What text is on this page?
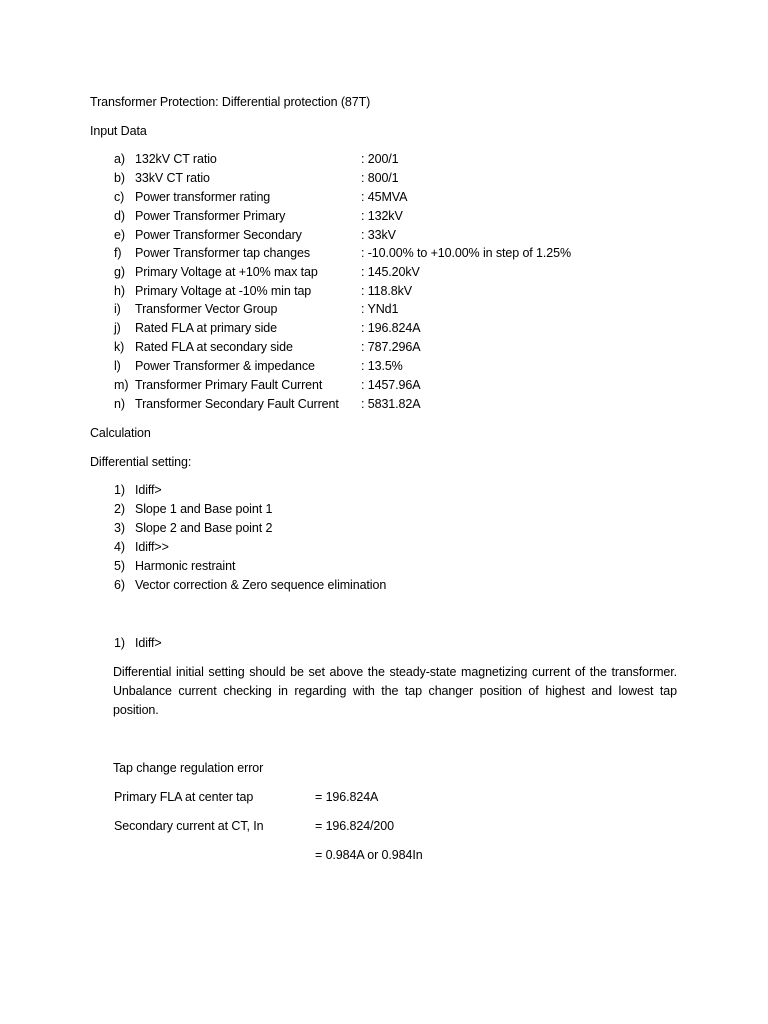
Transformer Protection: Differential protection (87T)
Input Data
a) 132kV CT ratio	: 200/1
b) 33kV CT ratio	: 800/1
c) Power transformer rating	: 45MVA
d) Power Transformer Primary	: 132kV
e) Power Transformer Secondary	: 33kV
f) Power Transformer tap changes	: -10.00% to +10.00% in step of 1.25%
g) Primary Voltage at +10% max tap	: 145.20kV
h) Primary Voltage at -10% min tap	: 118.8kV
i) Transformer Vector Group	: YNd1
j) Rated FLA at primary side	: 196.824A
k) Rated FLA at secondary side	: 787.296A
l) Power Transformer & impedance	: 13.5%
m) Transformer Primary Fault Current	: 1457.96A
n) Transformer Secondary Fault Current : 5831.82A
Calculation
Differential setting:
1) Idiff>
2) Slope 1 and Base point 1
3) Slope 2 and Base point 2
4) Idiff>>
5) Harmonic restraint
6) Vector correction & Zero sequence elimination
1) Idiff>
Differential initial setting should be set above the steady-state magnetizing current of the transformer. Unbalance current checking in regarding with the tap changer position of highest and lowest tap position.
Tap change regulation error
Primary FLA at center tap	= 196.824A
Secondary current at CT, In	= 196.824/200
= 0.984A or 0.984In
